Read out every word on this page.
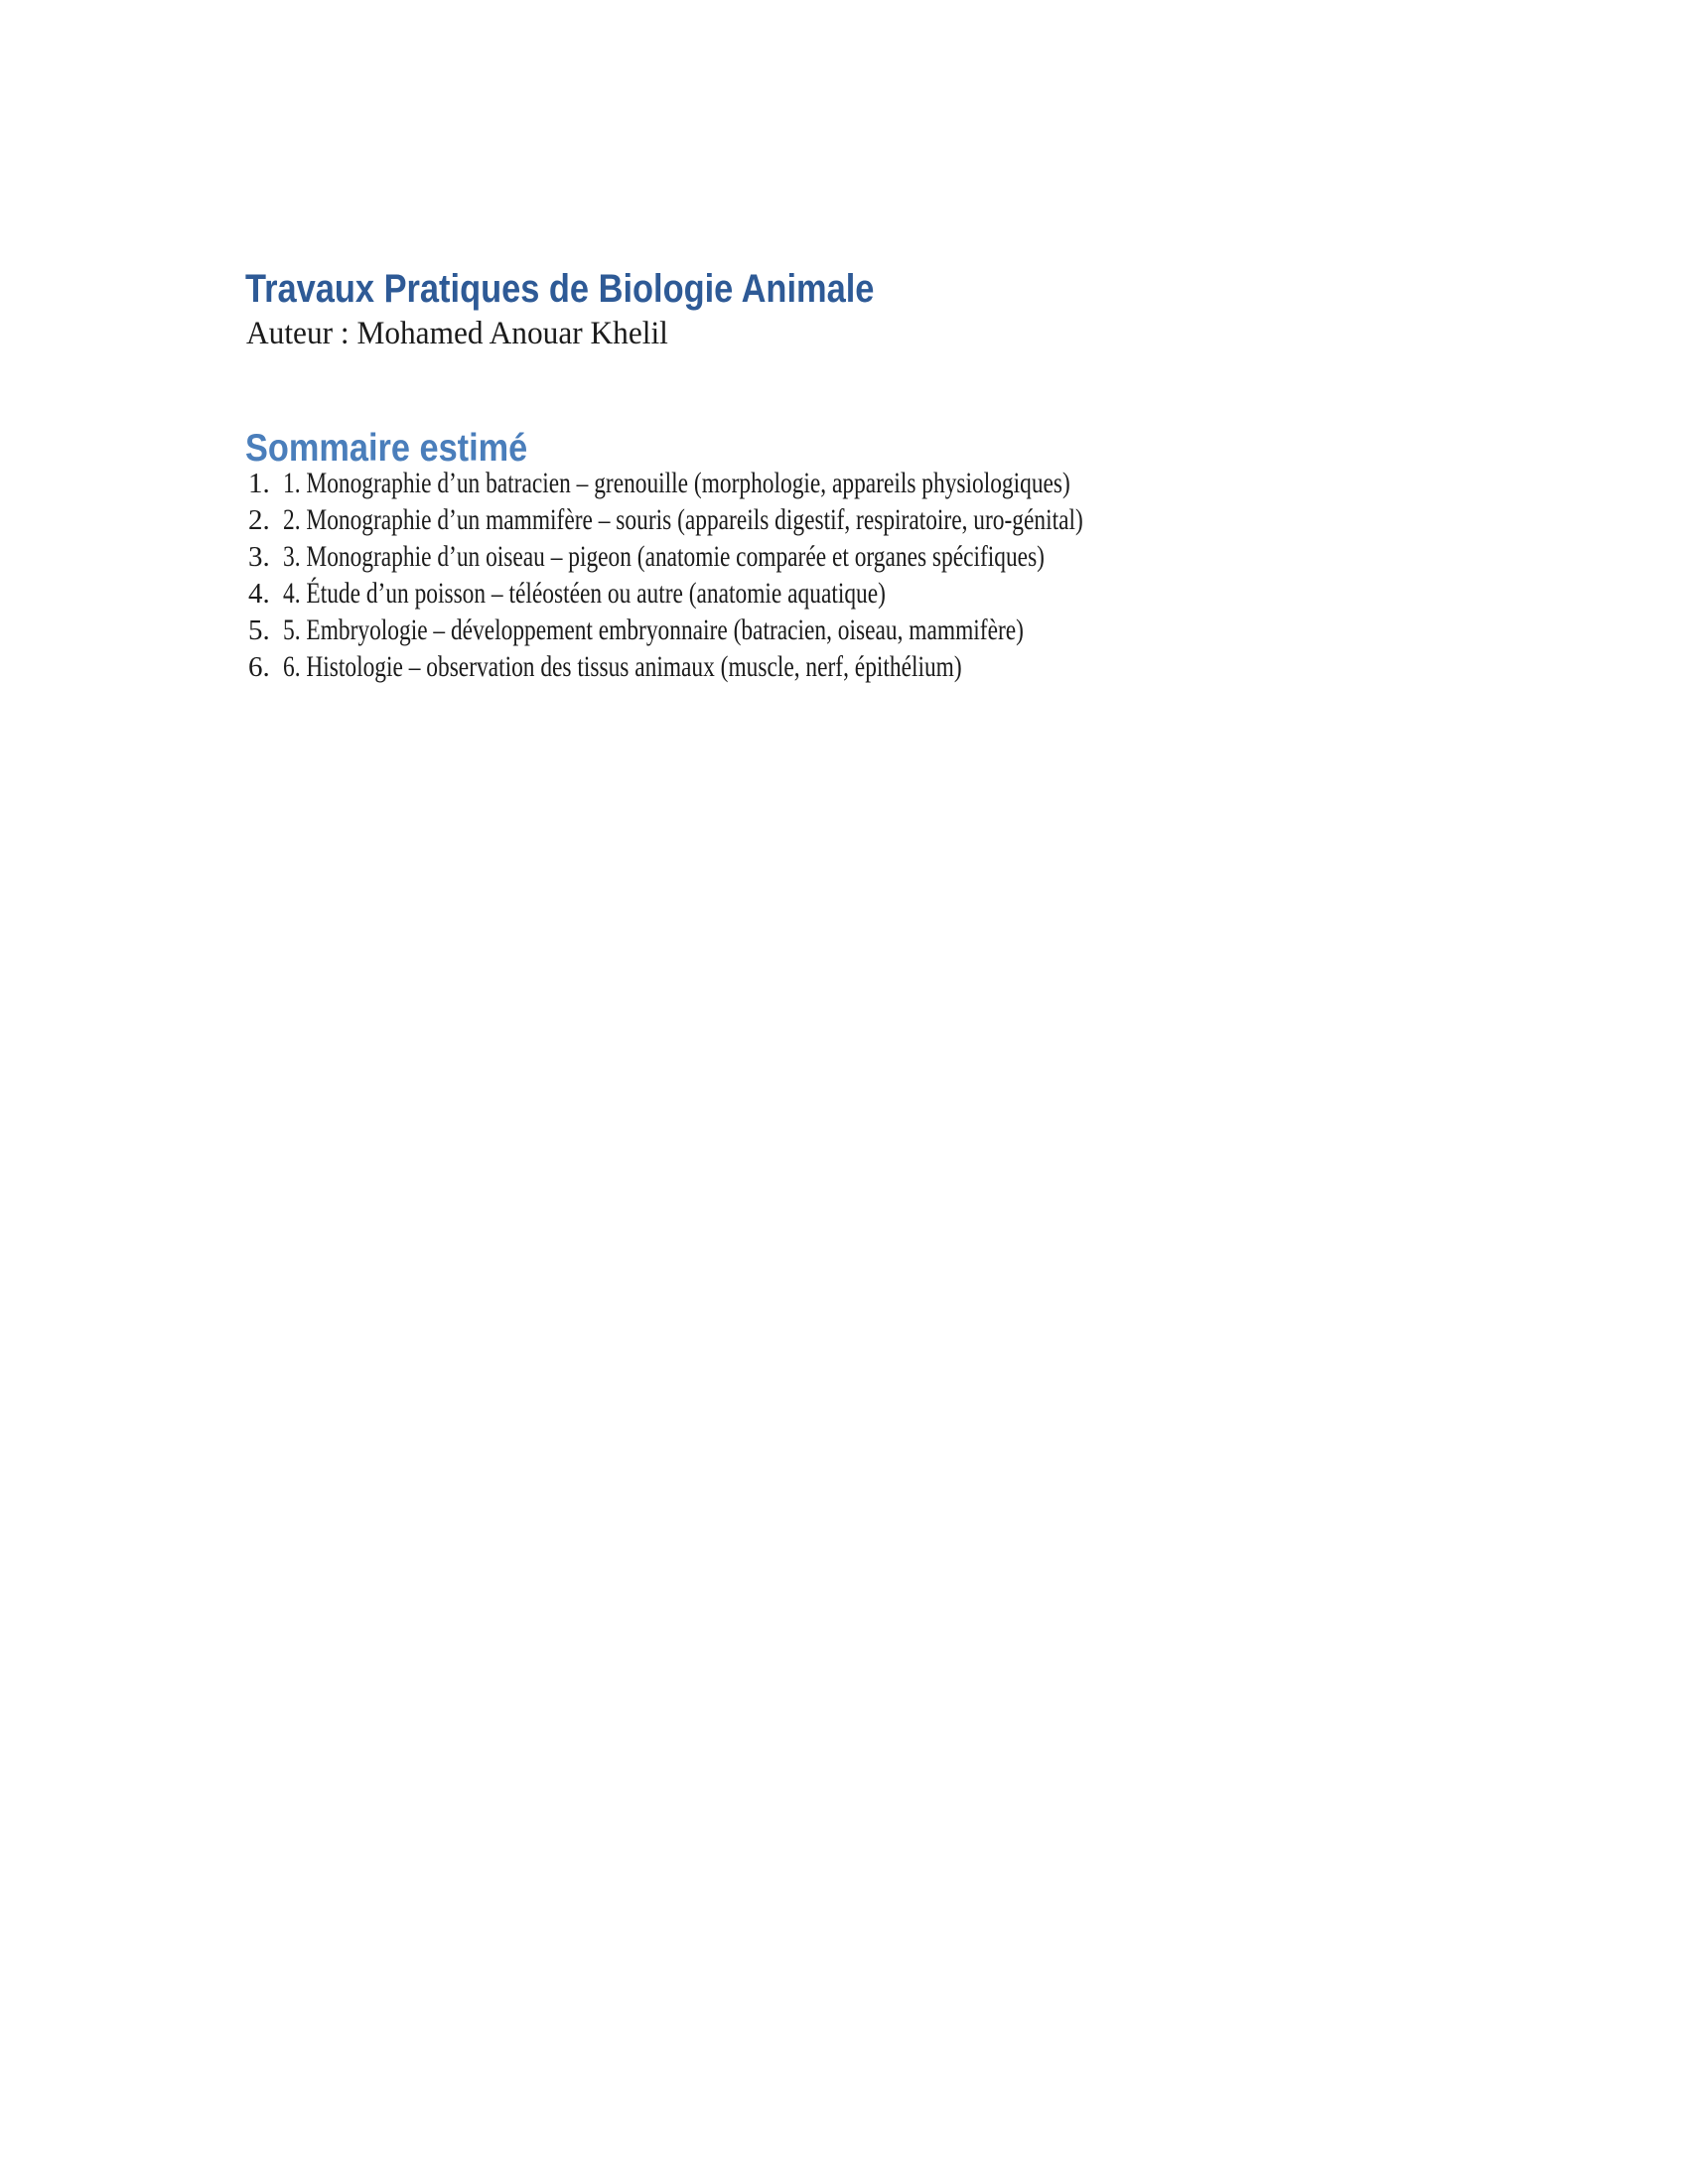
Travaux Pratiques de Biologie Animale
Auteur : Mohamed Anouar Khelil
Sommaire estimé
1. 1. Monographie d’un batracien – grenouille (morphologie, appareils physiologiques)
2. 2. Monographie d’un mammifère – souris (appareils digestif, respiratoire, uro-génital)
3. 3. Monographie d’un oiseau – pigeon (anatomie comparée et organes spécifiques)
4. 4. Étude d’un poisson – téléostéen ou autre (anatomie aquatique)
5. 5. Embryologie – développement embryonnaire (batracien, oiseau, mammifère)
6. 6. Histologie – observation des tissus animaux (muscle, nerf, épithélium)
